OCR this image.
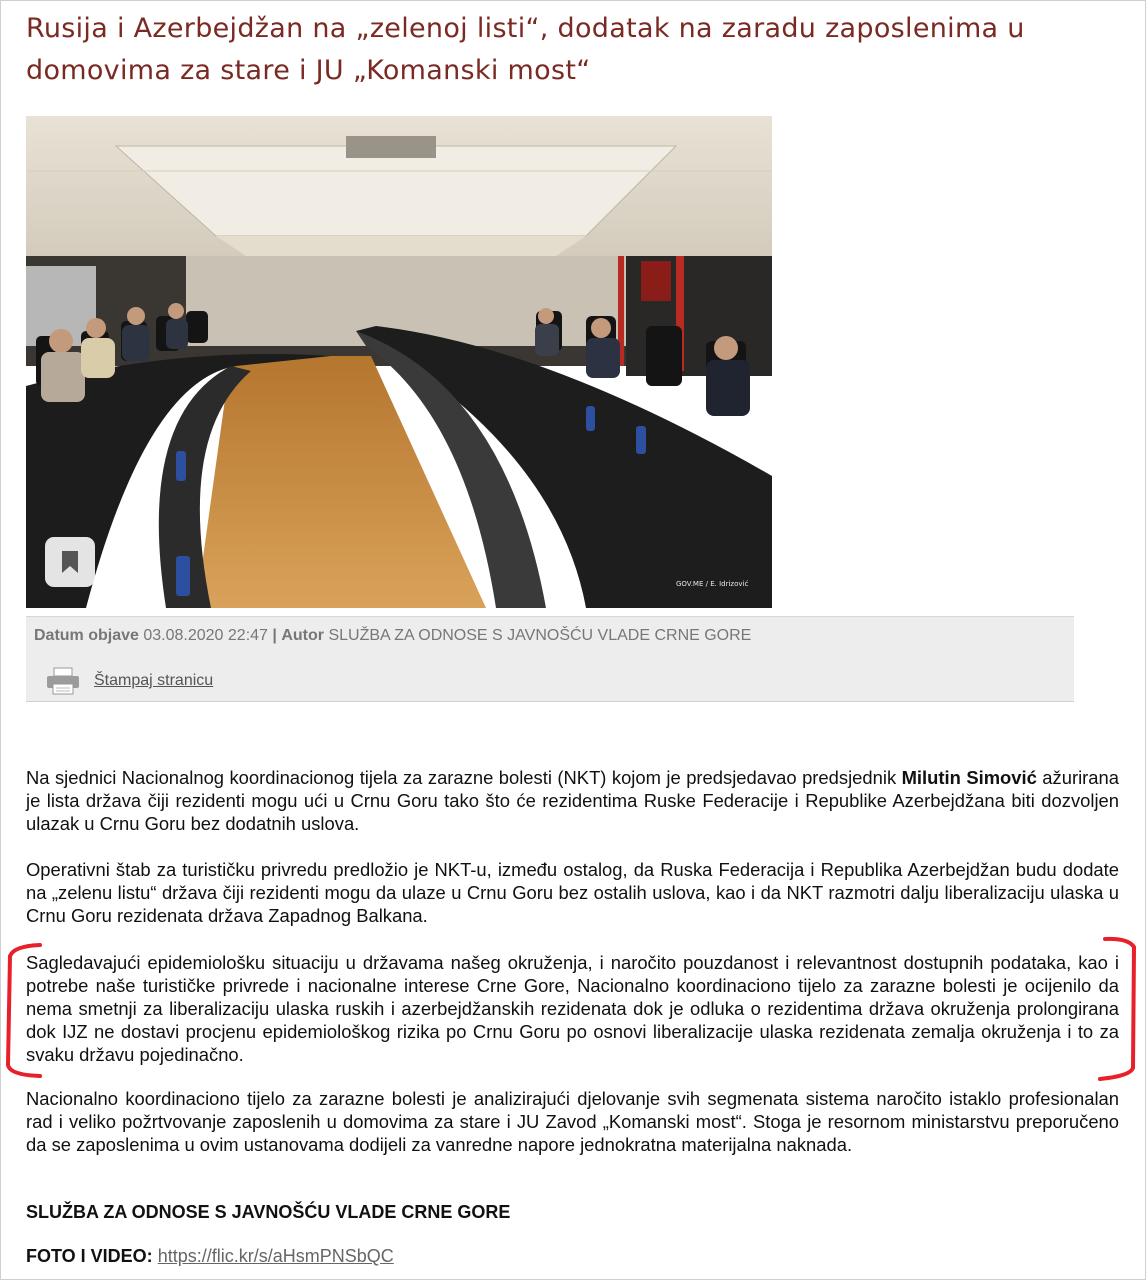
Rusija i Azerbejdžan na „zelenoj listi“, dodatak na zaradu zaposlenima u domovima za stare i JU „Komanski most“
GOV.ME / E. Idrizović
Datum objave 03.08.2020 22:47 | Autor SLUŽBA ZA ODNOSE S JAVNOŠĆU VLADE CRNE GORE
Štampaj stranicu

Na sjednici Nacionalnog koordinacionog tijela za zarazne bolesti (NKT) kojom je predsjedavao predsjednik Milutin Simović ažurirana je lista država čiji rezidenti mogu ući u Crnu Goru tako što će rezidentima Ruske Federacije i Republike Azerbejdžana biti dozvoljen ulazak u Crnu Goru bez dodatnih uslova.

Operativni štab za turističku privredu predložio je NKT-u, između ostalog, da Ruska Federacija i Republika Azerbejdžan budu dodate na „zelenu listu“ država čiji rezidenti mogu da ulaze u Crnu Goru bez ostalih uslova, kao i da NKT razmotri dalju liberalizaciju ulaska u Crnu Goru rezidenata država Zapadnog Balkana.

Sagledavajući epidemiološku situaciju u državama našeg okruženja, i naročito pouzdanost i relevantnost dostupnih podataka, kao i potrebe naše turističke privrede i nacionalne interese Crne Gore, Nacionalno koordinaciono tijelo za zarazne bolesti je ocijenilo da nema smetnji za liberalizaciju ulaska ruskih i azerbejdžanskih rezidenata dok je odluka o rezidentima država okruženja prolongirana dok IJZ ne dostavi procjenu epidemiološkog rizika po Crnu Goru po osnovi liberalizacije ulaska rezidenata zemalja okruženja i to za svaku državu pojedinačno.

Nacionalno koordinaciono tijelo za zarazne bolesti je analizirajući djelovanje svih segmenata sistema naročito istaklo profesionalan rad i veliko požrtvovanje zaposlenih u domovima za stare i JU Zavod „Komanski most“. Stoga je resornom ministarstvu preporučeno da se zaposlenima u ovim ustanovama dodijeli za vanredne napore jednokratna materijalna naknada.

SLUŽBA ZA ODNOSE S JAVNOŠĆU VLADE CRNE GORE
FOTO I VIDEO: https://flic.kr/s/aHsmPNSbQC
